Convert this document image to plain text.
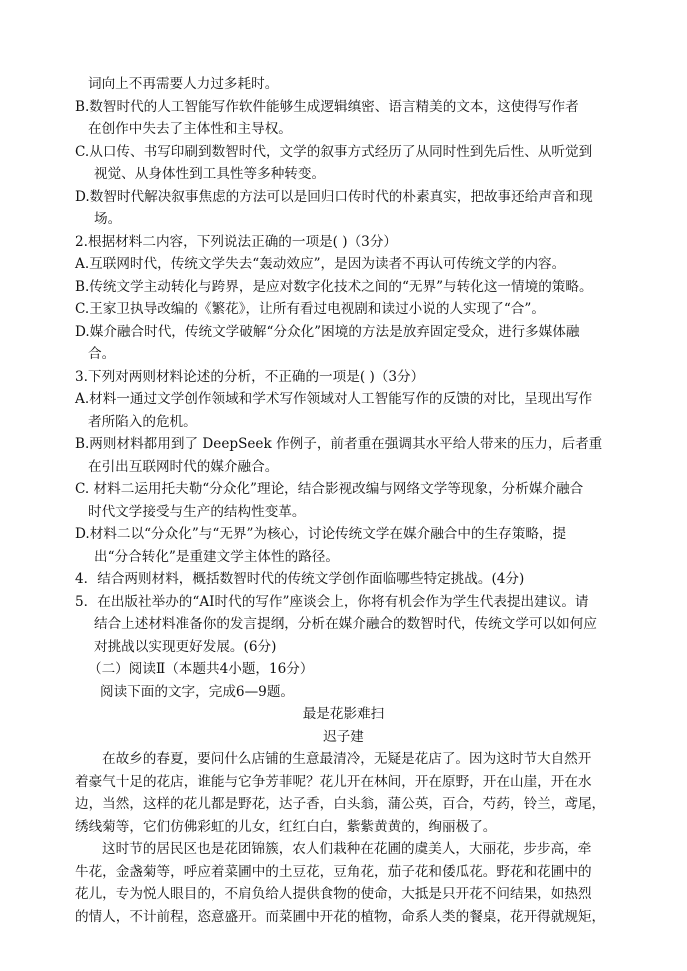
词向上不再需要人力过多耗时。
B.数智时代的人工智能写作软件能够生成逻辑缜密、语言精美的文本，这使得写作者
在创作中失去了主体性和主导权。
C.从口传、书写印刷到数智时代，文学的叙事方式经历了从同时性到先后性、从听觉到
视觉、从身体性到工具性等多种转变。
D.数智时代解决叙事焦虑的方法可以是回归口传时代的朴素真实，把故事还给声音和现
场。
2.根据材料二内容，下列说法正确的一项是( )（3分）
A.互联网时代，传统文学失去“轰动效应”，是因为读者不再认可传统文学的内容。
B.传统文学主动转化与跨界，是应对数字化技术之间的“无界”与转化这一情境的策略。
C.王家卫执导改编的《繁花》，让所有看过电视剧和读过小说的人实现了“合”。
D.媒介融合时代，传统文学破解“分众化”困境的方法是放弃固定受众，进行多媒体融
合。
3.下列对两则材料论述的分析，不正确的一项是( )（3分）
A.材料一通过文学创作领域和学术写作领域对人工智能写作的反馈的对比，呈现出写作
者所陷入的危机。
B.两则材料都用到了 DeepSeek 作例子，前者重在强调其水平给人带来的压力，后者重
在引出互联网时代的媒介融合。
C. 材料二运用托夫勒“分众化”理论，结合影视改编与网络文学等现象，分析媒介融合
时代文学接受与生产的结构性变革。
D.材料二以“分众化”与“无界”为核心，讨论传统文学在媒介融合中的生存策略，提
出“分合转化”是重建文学主体性的路径。
4．结合两则材料，概括数智时代的传统文学创作面临哪些特定挑战。(4分)
5．在出版社举办的“AI时代的写作”座谈会上，你将有机会作为学生代表提出建议。请
结合上述材料准备你的发言提纲，分析在媒介融合的数智时代，传统文学可以如何应
对挑战以实现更好发展。(6分)
（二）阅读Ⅱ（本题共4小题，16分）
阅读下面的文字，完成6—9题。
最是花影难扫
迟子建
在故乡的春夏，要问什么店铺的生意最清冷，无疑是花店了。因为这时节大自然开
着豪气十足的花店，谁能与它争芳菲呢？花儿开在林间，开在原野，开在山崖，开在水
边，当然，这样的花儿都是野花，达子香，白头翁，蒲公英，百合，芍药，铃兰，鸢尾，
绣线菊等，它们仿佛彩虹的儿女，红红白白，紫紫黄黄的，绚丽极了。
这时节的居民区也是花团锦簇，农人们栽种在花圃的虞美人，大丽花，步步高，牵
牛花，金盏菊等，呼应着菜圃中的土豆花，豆角花，茄子花和倭瓜花。野花和花圃中的
花儿，专为悦人眼目的，不肩负给人提供食物的使命，大抵是只开花不问结果，如热烈
的情人，不计前程，恣意盛开。而菜圃中开花的植物，命系人类的餐桌，花开得就规矩，
